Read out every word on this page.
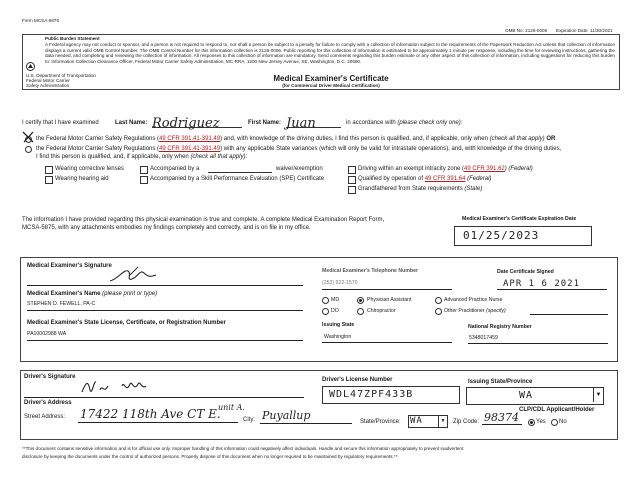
Form MCSA-5876
OMB No: 2126-0006 Expiration Date: 11/30/2021
Public Burden Statement
A Federal agency may not conduct or sponsor, and a person is not required to respond to, nor shall a person be subject to a penalty for failure to comply with a collection of information subject to the requirements of the Paperwork Reduction Act unless that collection of information displays a current valid OMB Control Number. The OMB Control Number for this information collection is 2126-0006. Public reporting for this collection of information is estimated to be approximately 1 minute per response, including the time for reviewing instructions, gathering the data needed, and completing and reviewing the collection of information. All responses to this collection of information are mandatory. Send comments regarding this burden estimate or any other aspect of this collection of information, including suggestions for reducing this burden to: Information Collection Clearance Officer, Federal Motor Carrier Safety Administration, MC-RRA, 1200 New Jersey Avenue, SE, Washington, D.C. 20590.
U.S. Department of Transportation
Federal Motor Carrier
Safety Administration
Medical Examiner's Certificate
(for Commercial Driver Medical Certification)
I certify that I have examined	Last Name: Rodriguez	First Name: Juan	in accordance with (please check only one):
the Federal Motor Carrier Safety Regulations (49 CFR 391.41-391.49) and, with knowledge of the driving duties, I find this person is qualified, and, if applicable, only when (check all that apply) OR
the Federal Motor Carrier Safety Regulations (49 CFR 391.41-391.49) with any applicable State variances (which will only be valid for intrastate operations), and, with knowledge of the driving duties,
I find this person is qualified, and, if applicable, only when (check all that apply):
Wearing corrective lenses
Wearing hearing aid
Accompanied by a	waiver/exemption
Accompanied by a Skill Performance Evaluation (SPE) Certificate
Driving within an exempt intracity zone (49 CFR 391.62) (Federal)
Qualified by operation of 49 CFR 391.64 (Federal)
Grandfathered from State requirements (State)
The information I have provided regarding this physical examination is true and complete. A complete Medical Examination Report Form,
MCSA-5875, with any attachments embodies my findings completely and correctly, and is on file in my office.
Medical Examiner's Certificate Expiration Date
01/25/2023
Medical Examiner's Signature
Medical Examiner's Name (please print or type)
STEPHEN D. FEWELL, PA-C
Medical Examiner's State License, Certificate, or Registration Number
PA10002988 WA
Medical Examiner's Telephone Number
(253) 922-1570
Date Certificate Signed
APR 1 6 2021
MD	Physician Assistant	Advanced Practice Nurse
DO	Chiropractor	Other Practitioner (specify)
Issuing State
Washington
National Registry Number
5348017459
Driver's Signature
Driver's Address
Street Address: 17422 118th Ave CT E.
unit A.
City: Puyallup
Driver's License Number
WDL47ZPF433B
Issuing State/Province
WA	▼
CLP/CDL Applicant/Holder
State/Province: WA	▼ Zip Code: 98374	Yes No
**This document contains sensitive information and is for official use only. Improper handling of this information could negatively affect individuals. Handle and secure this information appropriately to prevent inadvertent
disclosure by keeping the documents under the control of authorized persons. Properly dispose of this document when no longer required to be maintained by regulatory requirements.**
